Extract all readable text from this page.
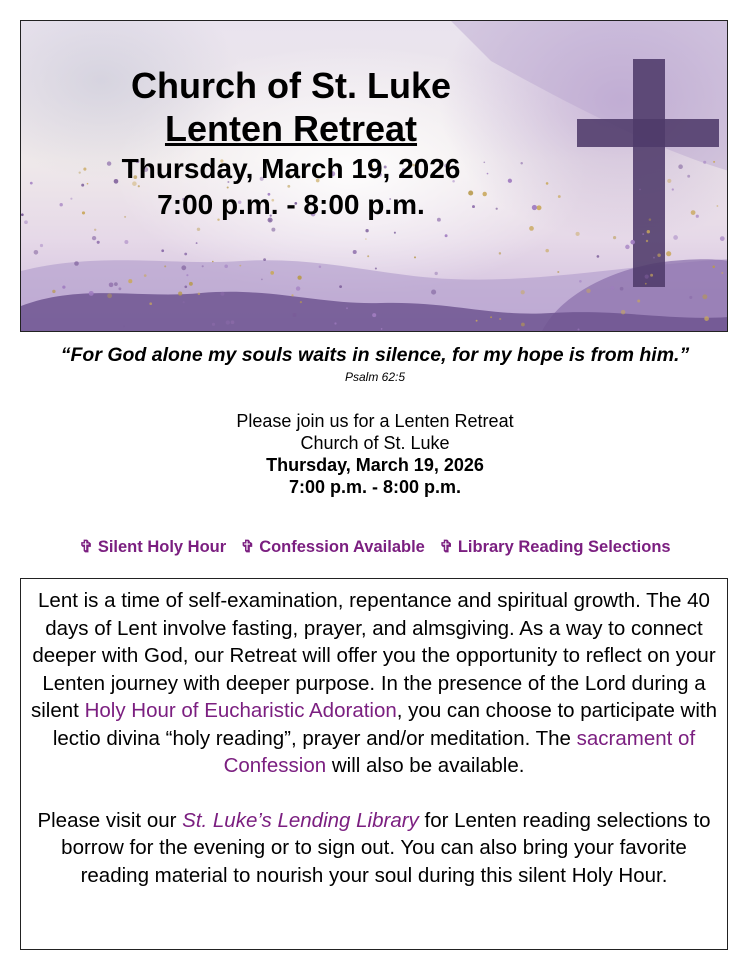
Church of St. Luke
Lenten Retreat
Thursday, March 19, 2026
7:00 p.m. - 8:00 p.m.
“For God alone my souls waits in silence, for my hope is from him.”
Psalm 62:5
Please join us for a Lenten Retreat
Church of St. Luke
Thursday, March 19, 2026
7:00 p.m. - 8:00 p.m.
✞ Silent Holy Hour ✞ Confession Available ✞ Library Reading Selections

Lent is a time of self-examination, repentance and spiritual growth. The 40 days of Lent involve fasting, prayer, and almsgiving. As a way to connect deeper with God, our Retreat will offer you the opportunity to reflect on your Lenten journey with deeper purpose. In the presence of the Lord during a silent Holy Hour of Eucharistic Adoration, you can choose to participate with lectio divina “holy reading”, prayer and/or meditation. The sacrament of Confession will also be available.

Please visit our St. Luke’s Lending Library for Lenten reading selections to borrow for the evening or to sign out. You can also bring your favorite reading material to nourish your soul during this silent Holy Hour.
